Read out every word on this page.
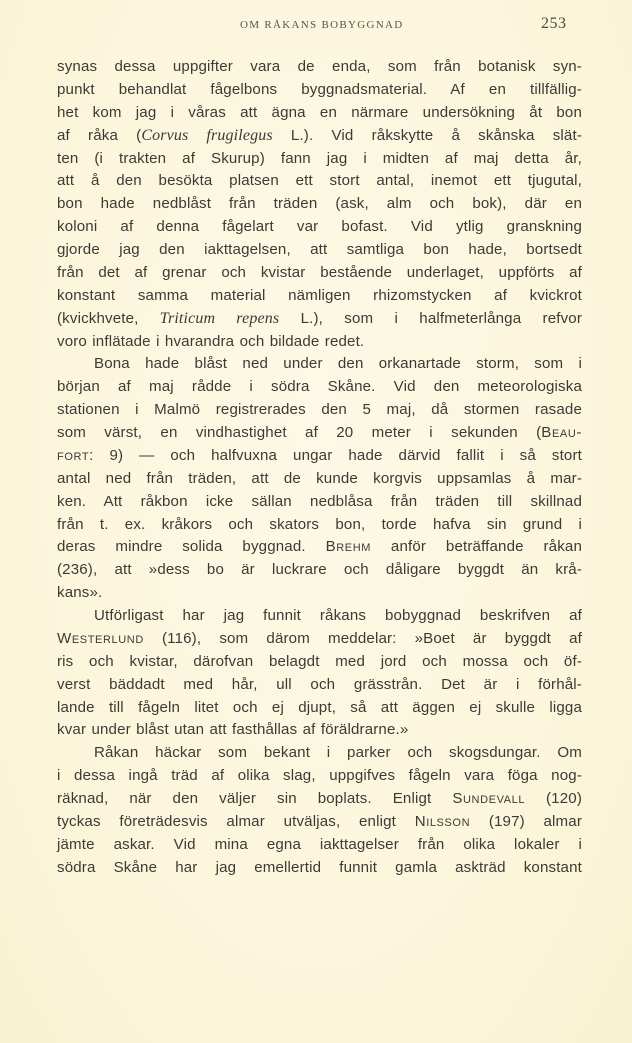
OM RÅKANS BOBYGGNAD	253
synas dessa uppgifter vara de enda, som från botanisk syn-
punkt behandlat fågelbons byggnadsmaterial. Af en tillfällig-
het kom jag i våras att ägna en närmare undersökning åt bon
af råka (Corvus frugilegus L.). Vid råkskytte å skånska slät-
ten (i trakten af Skurup) fann jag i midten af maj detta år,
att å den besökta platsen ett stort antal, inemot ett tjugutal,
bon hade nedblåst från träden (ask, alm och bok), där en
koloni af denna fågelart var bofast. Vid ytlig granskning
gjorde jag den iakttagelsen, att samtliga bon hade, bortsedt
från det af grenar och kvistar bestående underlaget, uppförts af
konstant samma material nämligen rhizomstycken af kvickrot
(kvickhvete, Triticum repens L.), som i halfmeterlånga refvor
voro inflätade i hvarandra och bildade redet.
Bona hade blåst ned under den orkanartade storm, som i
början af maj rådde i södra Skåne. Vid den meteorologiska
stationen i Malmö registrerades den 5 maj, då stormen rasade
som värst, en vindhastighet af 20 meter i sekunden (Beau-
fort: 9) — och halfvuxna ungar hade därvid fallit i så stort
antal ned från träden, att de kunde korgvis uppsamlas å mar-
ken. Att råkbon icke sällan nedblåsa från träden till skillnad
från t. ex. kråkors och skators bon, torde hafva sin grund i
deras mindre solida byggnad. Brehm anför beträffande råkan
(236), att »dess bo är luckrare och dåligare byggdt än krå-
kans».
Utförligast har jag funnit råkans bobyggnad beskrifven af
Westerlund (116), som därom meddelar: »Boet är byggdt af
ris och kvistar, därofvan belagdt med jord och mossa och öf-
verst bäddadt med hår, ull och grässtrån. Det är i förhål-
lande till fågeln litet och ej djupt, så att äggen ej skulle ligga
kvar under blåst utan att fasthållas af föräldrarne.»
Råkan häckar som bekant i parker och skogsdungar. Om
i dessa ingå träd af olika slag, uppgifves fågeln vara föga nog-
räknad, när den väljer sin boplats. Enligt Sundevall (120)
tyckas företrädesvis almar utväljas, enligt Nilsson (197) almar
jämte askar. Vid mina egna iakttagelser från olika lokaler i
södra Skåne har jag emellertid funnit gamla askträd konstant
